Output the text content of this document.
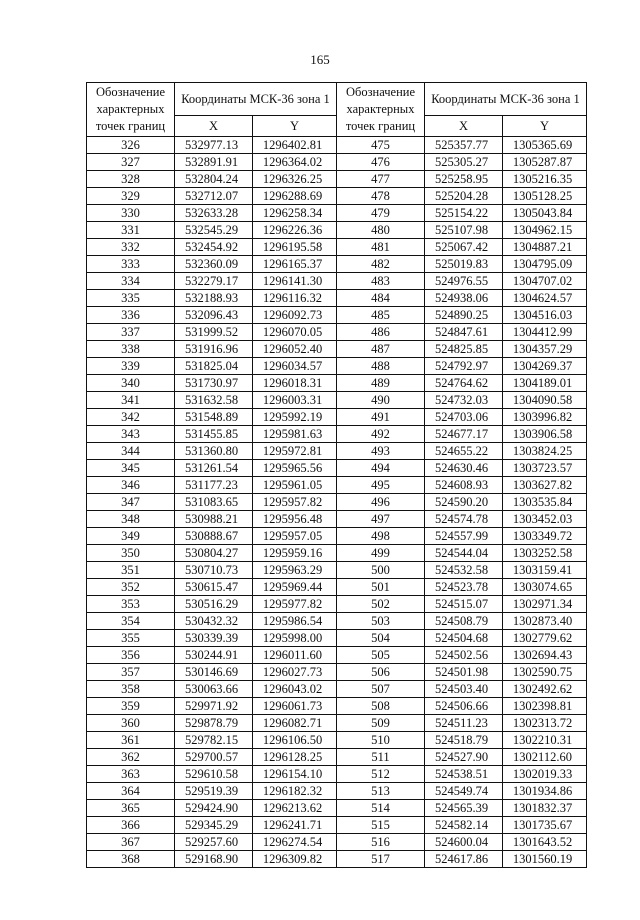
165
Обозначение характерных точек границ	Координаты МСК-36 зона 1		Обозначение характерных точек границ	Координаты МСК-36 зона 1	
	X	Y		X	Y
326	532977.13	1296402.81	475	525357.77	1305365.69
327	532891.91	1296364.02	476	525305.27	1305287.87
328	532804.24	1296326.25	477	525258.95	1305216.35
329	532712.07	1296288.69	478	525204.28	1305128.25
330	532633.28	1296258.34	479	525154.22	1305043.84
331	532545.29	1296226.36	480	525107.98	1304962.15
332	532454.92	1296195.58	481	525067.42	1304887.21
333	532360.09	1296165.37	482	525019.83	1304795.09
334	532279.17	1296141.30	483	524976.55	1304707.02
335	532188.93	1296116.32	484	524938.06	1304624.57
336	532096.43	1296092.73	485	524890.25	1304516.03
337	531999.52	1296070.05	486	524847.61	1304412.99
338	531916.96	1296052.40	487	524825.85	1304357.29
339	531825.04	1296034.57	488	524792.97	1304269.37
340	531730.97	1296018.31	489	524764.62	1304189.01
341	531632.58	1296003.31	490	524732.03	1304090.58
342	531548.89	1295992.19	491	524703.06	1303996.82
343	531455.85	1295981.63	492	524677.17	1303906.58
344	531360.80	1295972.81	493	524655.22	1303824.25
345	531261.54	1295965.56	494	524630.46	1303723.57
346	531177.23	1295961.05	495	524608.93	1303627.82
347	531083.65	1295957.82	496	524590.20	1303535.84
348	530988.21	1295956.48	497	524574.78	1303452.03
349	530888.67	1295957.05	498	524557.99	1303349.72
350	530804.27	1295959.16	499	524544.04	1303252.58
351	530710.73	1295963.29	500	524532.58	1303159.41
352	530615.47	1295969.44	501	524523.78	1303074.65
353	530516.29	1295977.82	502	524515.07	1302971.34
354	530432.32	1295986.54	503	524508.79	1302873.40
355	530339.39	1295998.00	504	524504.68	1302779.62
356	530244.91	1296011.60	505	524502.56	1302694.43
357	530146.69	1296027.73	506	524501.98	1302590.75
358	530063.66	1296043.02	507	524503.40	1302492.62
359	529971.92	1296061.73	508	524506.66	1302398.81
360	529878.79	1296082.71	509	524511.23	1302313.72
361	529782.15	1296106.50	510	524518.79	1302210.31
362	529700.57	1296128.25	511	524527.90	1302112.60
363	529610.58	1296154.10	512	524538.51	1302019.33
364	529519.39	1296182.32	513	524549.74	1301934.86
365	529424.90	1296213.62	514	524565.39	1301832.37
366	529345.29	1296241.71	515	524582.14	1301735.67
367	529257.60	1296274.54	516	524600.04	1301643.52
368	529168.90	1296309.82	517	524617.86	1301560.19
